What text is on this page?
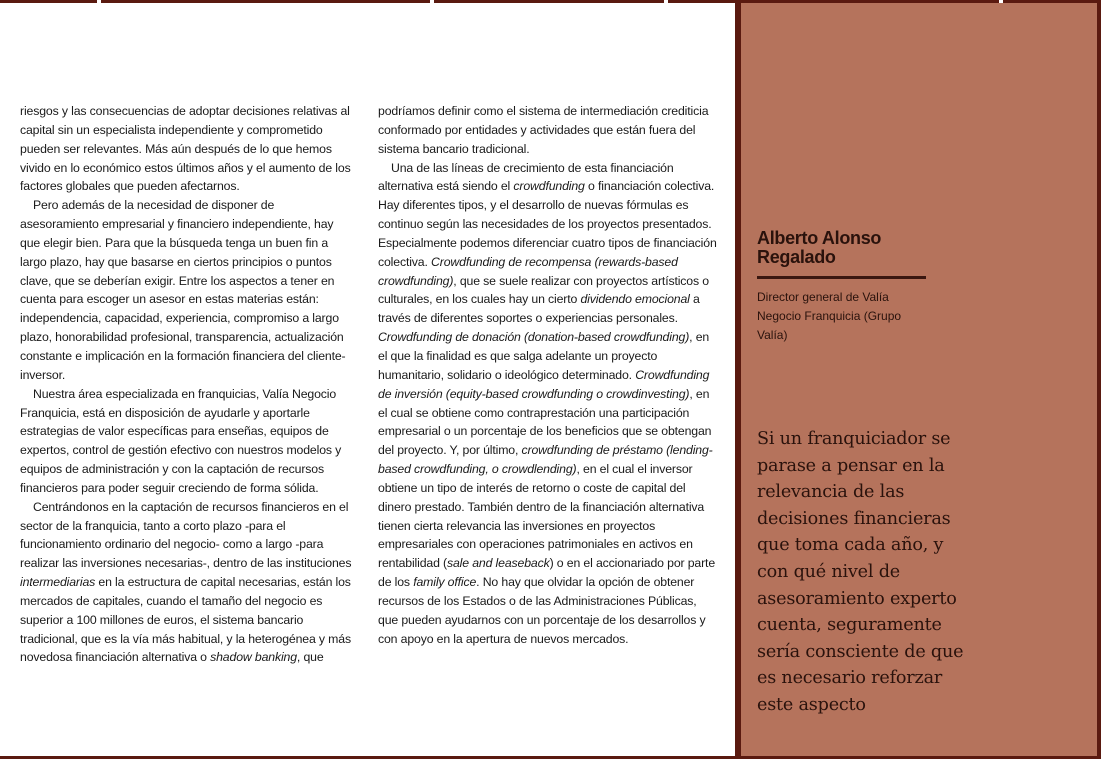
riesgos y las consecuencias de adoptar decisiones relativas al capital sin un especialista independiente y comprometido pueden ser relevantes. Más aún después de lo que hemos vivido en lo económico estos últimos años y el aumento de los factores globales que pueden afectarnos.

Pero además de la necesidad de disponer de asesoramiento empresarial y financiero independiente, hay que elegir bien. Para que la búsqueda tenga un buen fin a largo plazo, hay que basarse en ciertos principios o puntos clave, que se deberían exigir. Entre los aspectos a tener en cuenta para escoger un asesor en estas materias están: independencia, capacidad, experiencia, compromiso a largo plazo, honorabilidad profesional, transparencia, actualización constante e implicación en la formación financiera del cliente-inversor.

Nuestra área especializada en franquicias, Valía Negocio Franquicia, está en disposición de ayudarle y aportarle estrategias de valor específicas para enseñas, equipos de expertos, control de gestión efectivo con nuestros modelos y equipos de administración y con la captación de recursos financieros para poder seguir creciendo de forma sólida.

Centrándonos en la captación de recursos financieros en el sector de la franquicia, tanto a corto plazo -para el funcionamiento ordinario del negocio- como a largo -para realizar las inversiones necesarias-, dentro de las instituciones intermediarias en la estructura de capital necesarias, están los mercados de capitales, cuando el tamaño del negocio es superior a 100 millones de euros, el sistema bancario tradicional, que es la vía más habitual, y la heterogénea y más novedosa financiación alternativa o shadow banking, que

podríamos definir como el sistema de intermediación crediticia conformado por entidades y actividades que están fuera del sistema bancario tradicional.

Una de las líneas de crecimiento de esta financiación alternativa está siendo el crowdfunding o financiación colectiva. Hay diferentes tipos, y el desarrollo de nuevas fórmulas es continuo según las necesidades de los proyectos presentados. Especialmente podemos diferenciar cuatro tipos de financiación colectiva. Crowdfunding de recompensa (rewards-based crowdfunding), que se suele realizar con proyectos artísticos o culturales, en los cuales hay un cierto dividendo emocional a través de diferentes soportes o experiencias personales. Crowdfunding de donación (donation-based crowdfunding), en el que la finalidad es que salga adelante un proyecto humanitario, solidario o ideológico determinado. Crowdfunding de inversión (equity-based crowdfunding o crowdinvesting), en el cual se obtiene como contraprestación una participación empresarial o un porcentaje de los beneficios que se obtengan del proyecto. Y, por último, crowdfunding de préstamo (lending-based crowdfunding, o crowdlending), en el cual el inversor obtiene un tipo de interés de retorno o coste de capital del dinero prestado. También dentro de la financiación alternativa tienen cierta relevancia las inversiones en proyectos empresariales con operaciones patrimoniales en activos en rentabilidad (sale and leaseback) o en el accionariado por parte de los family office. No hay que olvidar la opción de obtener recursos de los Estados o de las Administraciones Públicas, que pueden ayudarnos con un porcentaje de los desarrollos y con apoyo en la apertura de nuevos mercados.

Alberto Alonso Regalado
Director general de Valía Negocio Franquicia (Grupo Valía)
Si un franquiciador se parase a pensar en la relevancia de las decisiones financieras que toma cada año, y con qué nivel de asesoramiento experto cuenta, seguramente sería consciente de que es necesario reforzar este aspecto
